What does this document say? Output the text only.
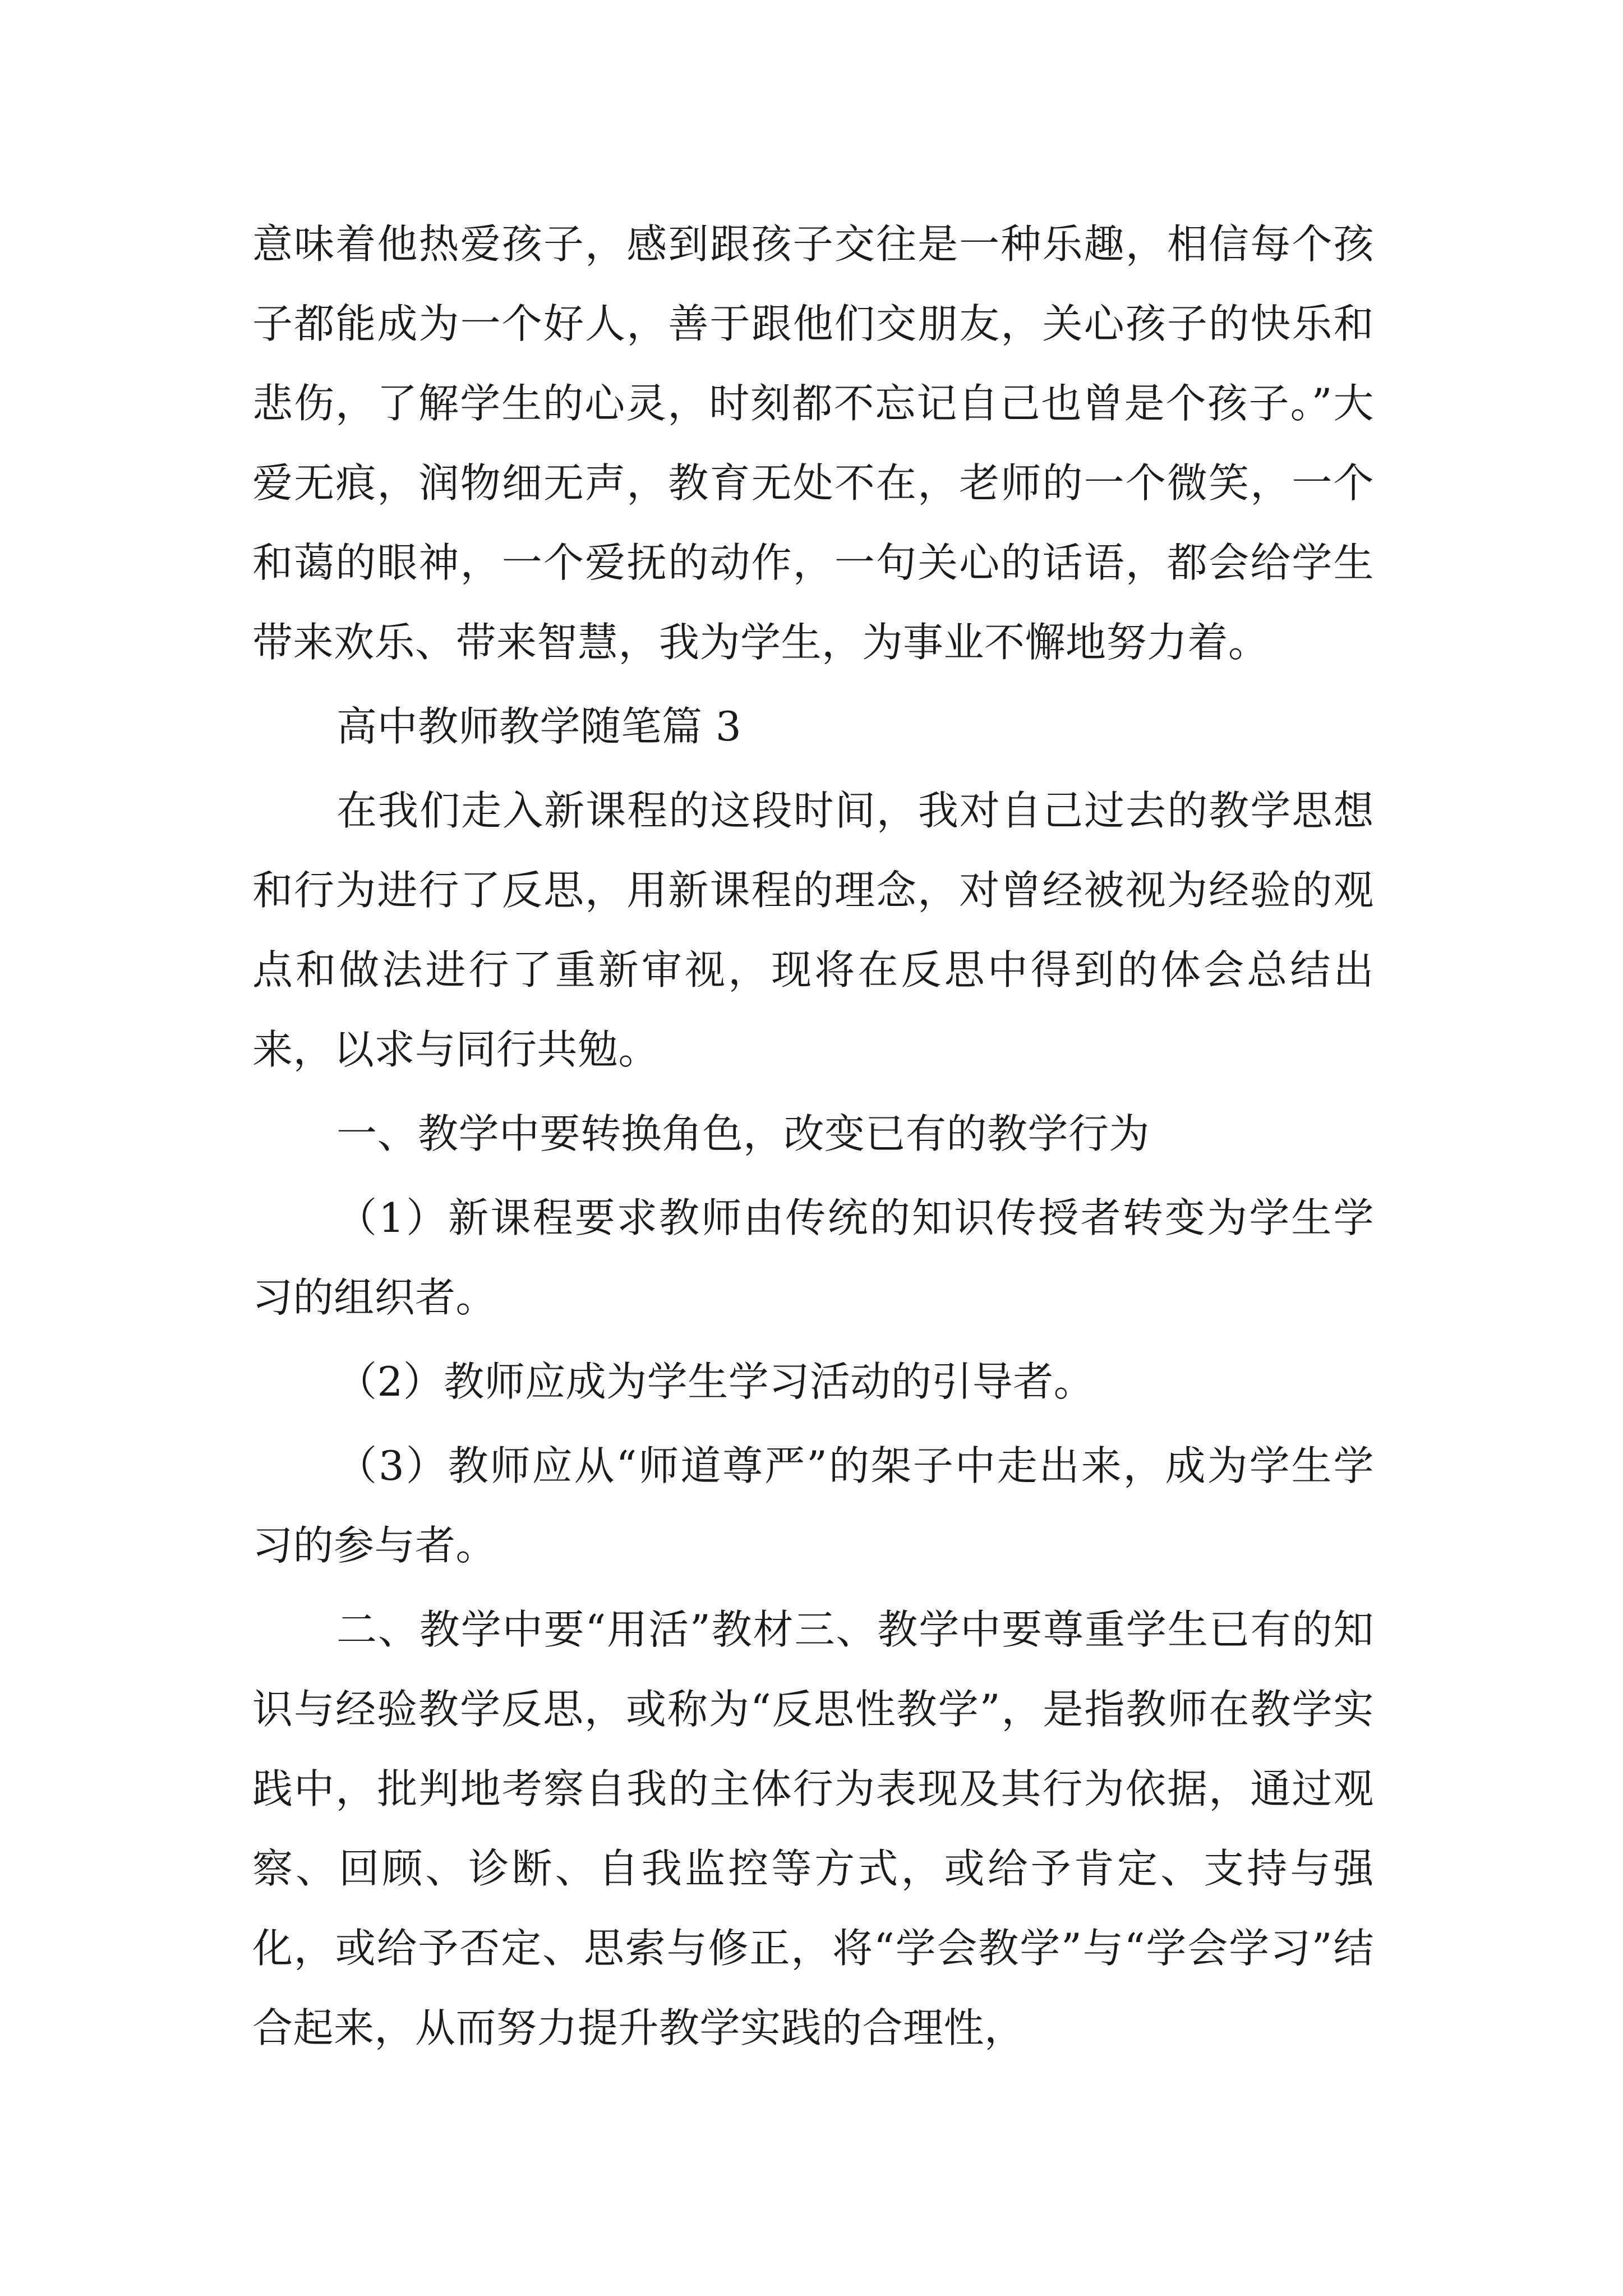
意味着他热爱孩子，感到跟孩子交往是一种乐趣，相信每个孩子都能成为一个好人，善于跟他们交朋友，关心孩子的快乐和悲伤，了解学生的心灵，时刻都不忘记自己也曾是个孩子。”大爱无痕，润物细无声，教育无处不在，老师的一个微笑，一个和蔼的眼神，一个爱抚的动作，一句关心的话语，都会给学生带来欢乐、带来智慧，我为学生，为事业不懈地努力着。

高中教师教学随笔篇 3

在我们走入新课程的这段时间，我对自己过去的教学思想和行为进行了反思，用新课程的理念，对曾经被视为经验的观点和做法进行了重新审视，现将在反思中得到的体会总结出来，以求与同行共勉。

一、教学中要转换角色，改变已有的教学行为

（1）新课程要求教师由传统的知识传授者转变为学生学习的组织者。

（2）教师应成为学生学习活动的引导者。

（3）教师应从“师道尊严”的架子中走出来，成为学生学习的参与者。

二、教学中要“用活”教材三、教学中要尊重学生已有的知识与经验教学反思，或称为“反思性教学”，是指教师在教学实践中，批判地考察自我的主体行为表现及其行为依据，通过观察、回顾、诊断、自我监控等方式，或给予肯定、支持与强化，或给予否定、思索与修正，将“学会教学”与“学会学习”结合起来，从而努力提升教学实践的合理性，
